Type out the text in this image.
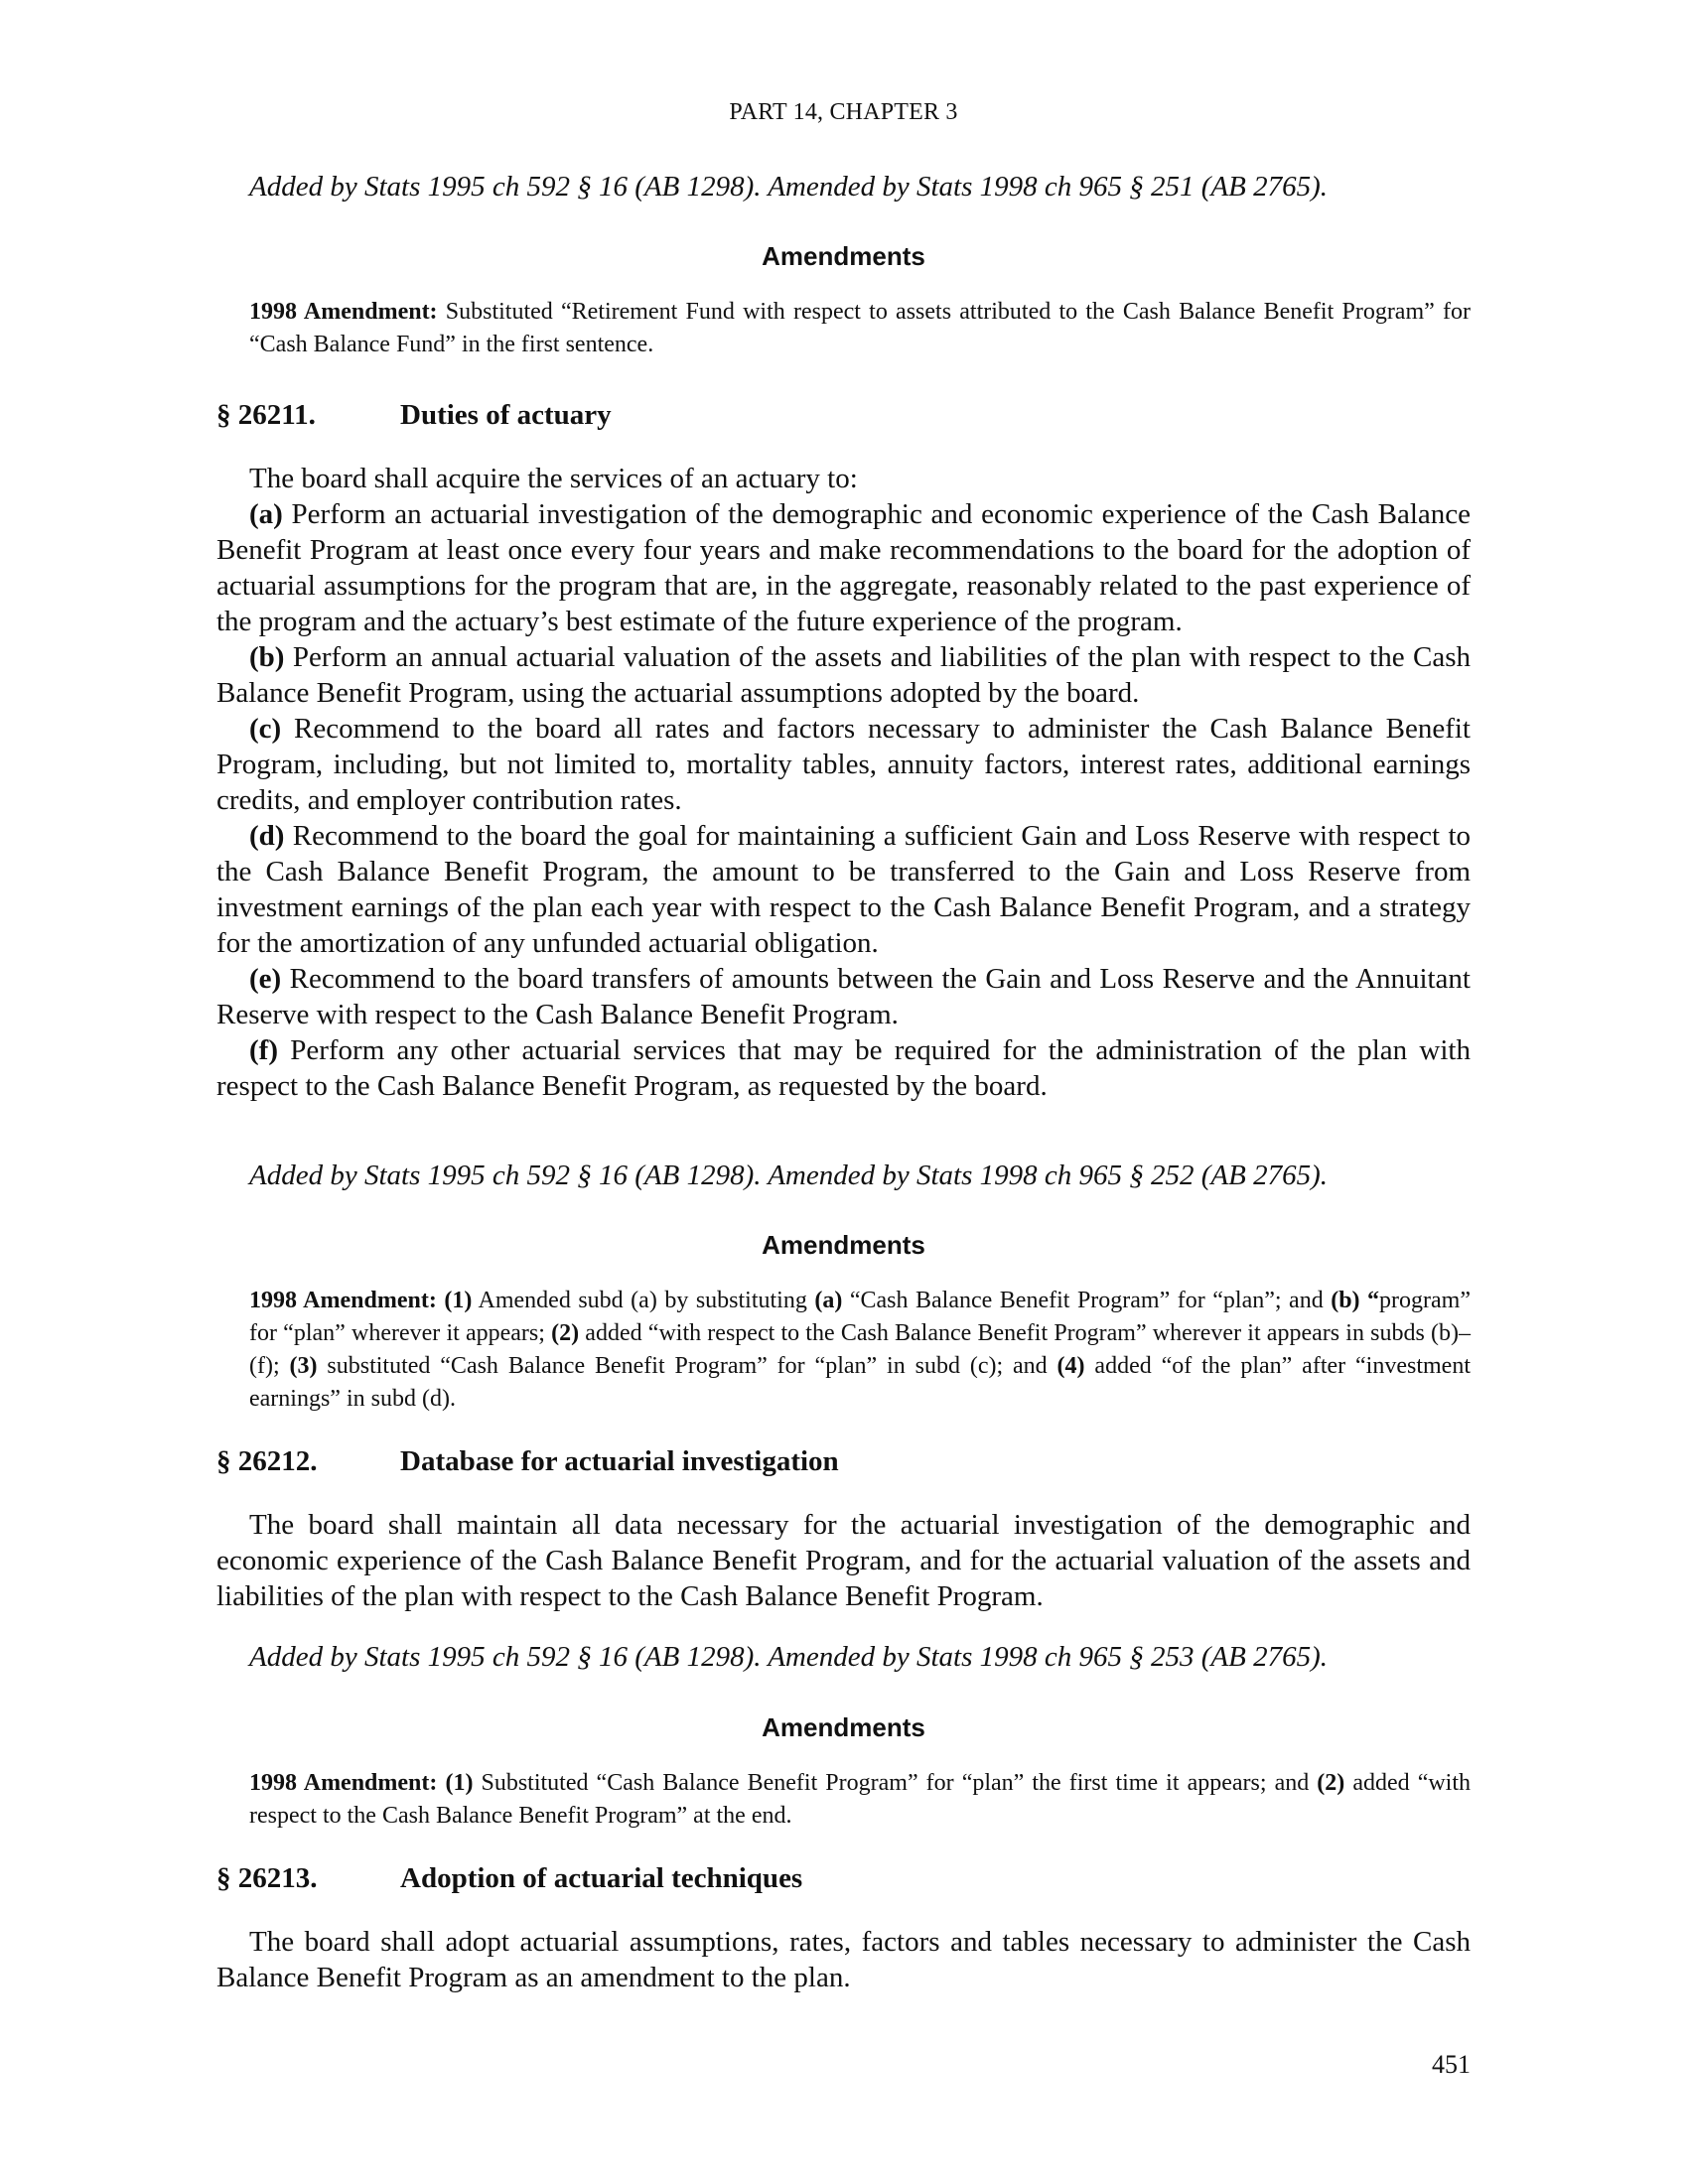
PART 14, CHAPTER 3
Added by Stats 1995 ch 592 § 16 (AB 1298). Amended by Stats 1998 ch 965 § 251 (AB 2765).
Amendments
1998 Amendment: Substituted “Retirement Fund with respect to assets attributed to the Cash Balance Benefit Program” for “Cash Balance Fund” in the first sentence.
§ 26211.	Duties of actuary

The board shall acquire the services of an actuary to:

(a) Perform an actuarial investigation of the demographic and economic experience of the Cash Balance Benefit Program at least once every four years and make recommendations to the board for the adoption of actuarial assumptions for the program that are, in the aggregate, reasonably related to the past experience of the program and the actuary’s best estimate of the future experience of the program.

(b) Perform an annual actuarial valuation of the assets and liabilities of the plan with respect to the Cash Balance Benefit Program, using the actuarial assumptions adopted by the board.

(c) Recommend to the board all rates and factors necessary to administer the Cash Balance Benefit Program, including, but not limited to, mortality tables, annuity factors, interest rates, additional earnings credits, and employer contribution rates.

(d) Recommend to the board the goal for maintaining a sufficient Gain and Loss Reserve with respect to the Cash Balance Benefit Program, the amount to be transferred to the Gain and Loss Reserve from investment earnings of the plan each year with respect to the Cash Balance Benefit Program, and a strategy for the amortization of any unfunded actuarial obligation.

(e) Recommend to the board transfers of amounts between the Gain and Loss Reserve and the Annuitant Reserve with respect to the Cash Balance Benefit Program.

(f) Perform any other actuarial services that may be required for the administration of the plan with respect to the Cash Balance Benefit Program, as requested by the board.

Added by Stats 1995 ch 592 § 16 (AB 1298). Amended by Stats 1998 ch 965 § 252 (AB 2765).
Amendments
1998 Amendment: (1) Amended subd (a) by substituting (a) “Cash Balance Benefit Program” for “plan”; and (b) “program” for “plan” wherever it appears; (2) added “with respect to the Cash Balance Benefit Program” wherever it appears in subds (b)–(f); (3) substituted “Cash Balance Benefit Program” for “plan” in subd (c); and (4) added “of the plan” after “investment earnings” in subd (d).
§ 26212.	Database for actuarial investigation

The board shall maintain all data necessary for the actuarial investigation of the demographic and economic experience of the Cash Balance Benefit Program, and for the actuarial valuation of the assets and liabilities of the plan with respect to the Cash Balance Benefit Program.

Added by Stats 1995 ch 592 § 16 (AB 1298). Amended by Stats 1998 ch 965 § 253 (AB 2765).
Amendments
1998 Amendment: (1) Substituted “Cash Balance Benefit Program” for “plan” the first time it appears; and (2) added “with respect to the Cash Balance Benefit Program” at the end.
§ 26213.	Adoption of actuarial techniques

The board shall adopt actuarial assumptions, rates, factors and tables necessary to administer the Cash Balance Benefit Program as an amendment to the plan.

451
